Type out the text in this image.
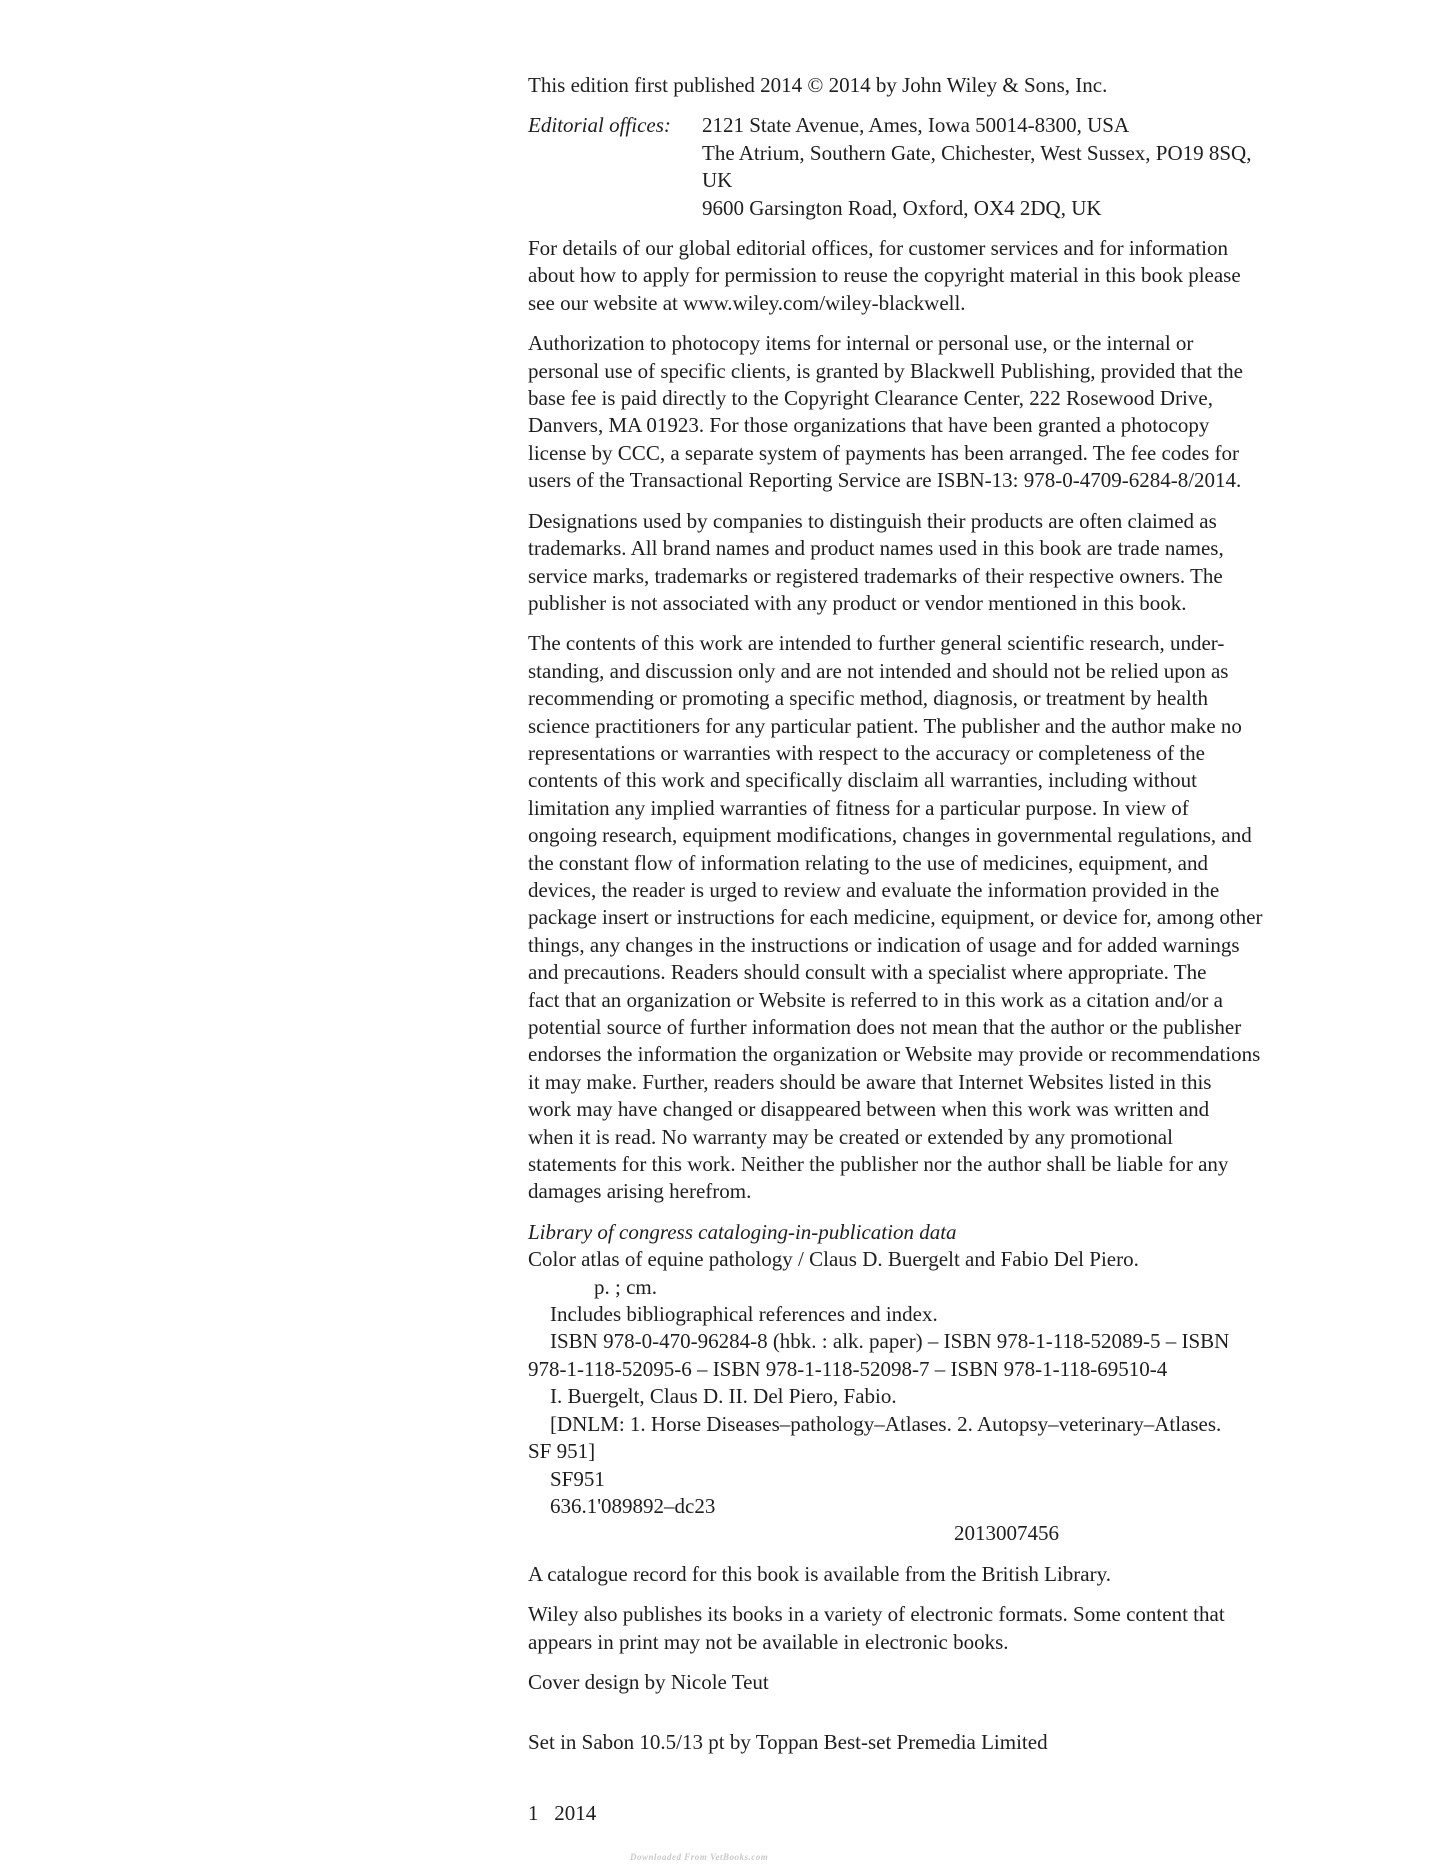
This edition first published 2014 © 2014 by John Wiley & Sons, Inc.

Editorial offices:	2121 State Avenue, Ames, Iowa 50014-8300, USA
The Atrium, Southern Gate, Chichester, West Sussex, PO19 8SQ,
UK
9600 Garsington Road, Oxford, OX4 2DQ, UK

For details of our global editorial offices, for customer services and for information
about how to apply for permission to reuse the copyright material in this book please
see our website at www.wiley.com/wiley-blackwell.

Authorization to photocopy items for internal or personal use, or the internal or
personal use of specific clients, is granted by Blackwell Publishing, provided that the
base fee is paid directly to the Copyright Clearance Center, 222 Rosewood Drive,
Danvers, MA 01923. For those organizations that have been granted a photocopy
license by CCC, a separate system of payments has been arranged. The fee codes for
users of the Transactional Reporting Service are ISBN-13: 978-0-4709-6284-8/2014.

Designations used by companies to distinguish their products are often claimed as
trademarks. All brand names and product names used in this book are trade names,
service marks, trademarks or registered trademarks of their respective owners. The
publisher is not associated with any product or vendor mentioned in this book.

The contents of this work are intended to further general scientific research, under-
standing, and discussion only and are not intended and should not be relied upon as
recommending or promoting a specific method, diagnosis, or treatment by health
science practitioners for any particular patient. The publisher and the author make no
representations or warranties with respect to the accuracy or completeness of the
contents of this work and specifically disclaim all warranties, including without
limitation any implied warranties of fitness for a particular purpose. In view of
ongoing research, equipment modifications, changes in governmental regulations, and
the constant flow of information relating to the use of medicines, equipment, and
devices, the reader is urged to review and evaluate the information provided in the
package insert or instructions for each medicine, equipment, or device for, among other
things, any changes in the instructions or indication of usage and for added warnings
and precautions. Readers should consult with a specialist where appropriate. The
fact that an organization or Website is referred to in this work as a citation and/or a
potential source of further information does not mean that the author or the publisher
endorses the information the organization or Website may provide or recommendations
it may make. Further, readers should be aware that Internet Websites listed in this
work may have changed or disappeared between when this work was written and
when it is read. No warranty may be created or extended by any promotional
statements for this work. Neither the publisher nor the author shall be liable for any
damages arising herefrom.

Library of congress cataloging-in-publication data
Color atlas of equine pathology / Claus D. Buergelt and Fabio Del Piero.
p. ; cm.
Includes bibliographical references and index.
ISBN 978-0-470-96284-8 (hbk. : alk. paper) – ISBN 978-1-118-52089-5 – ISBN
978-1-118-52095-6 – ISBN 978-1-118-52098-7 – ISBN 978-1-118-69510-4
I. Buergelt, Claus D. II. Del Piero, Fabio.
[DNLM: 1. Horse Diseases–pathology–Atlases. 2. Autopsy–veterinary–Atlases.
SF 951]
SF951
636.1'089892–dc23
2013007456

A catalogue record for this book is available from the British Library.

Wiley also publishes its books in a variety of electronic formats. Some content that
appears in print may not be available in electronic books.

Cover design by Nicole Teut

Set in Sabon 10.5/13 pt by Toppan Best-set Premedia Limited

1   2014

Downloaded From VetBooks.com
